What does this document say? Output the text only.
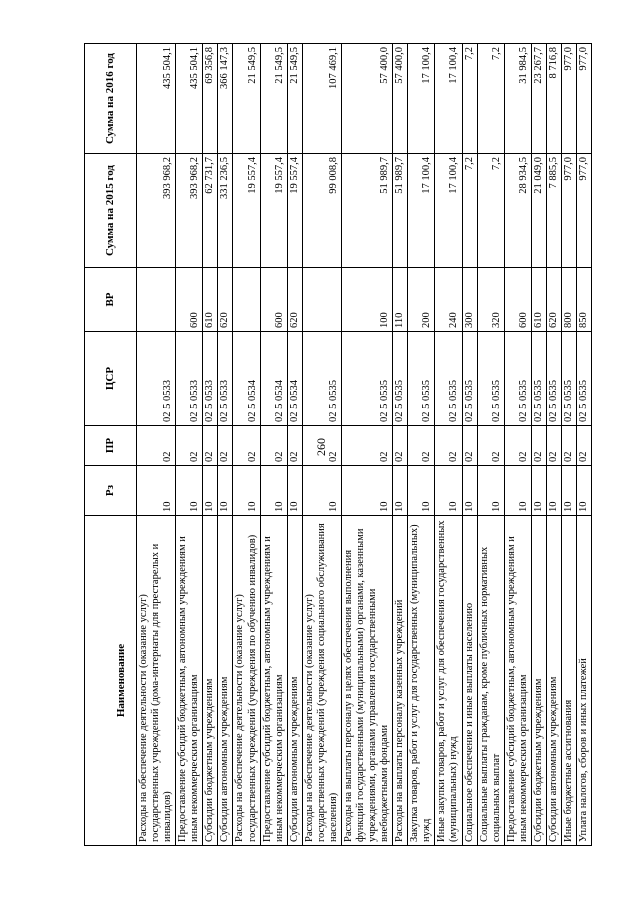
260
Наименование	Рз	ПР	ЦСР	ВР	Сумма на 2015 год	Сумма на 2016 год
Расходы на обеспечение деятельности (оказание услуг) государственных учреждений (дома-интернаты для престарелых и инвалидов)	10	02	02 5 0533		393 968,2	435 504,1
Предоставление субсидий бюджетным, автономным учреждениям и иным некоммерческим организациям	10	02	02 5 0533	600	393 968,2	435 504,1
Субсидии бюджетным учреждениям	10	02	02 5 0533	610	62 731,7	69 356,8
Субсидии автономным учреждениям	10	02	02 5 0533	620	331 236,5	366 147,3
Расходы на обеспечение деятельности (оказание услуг) государственных учреждений (учреждения по обучению инвалидов)	10	02	02 5 0534		19 557,4	21 549,5
Предоставление субсидий бюджетным, автономным учреждениям и иным некоммерческим организациям	10	02	02 5 0534	600	19 557,4	21 549,5
Субсидии автономным учреждениям	10	02	02 5 0534	620	19 557,4	21 549,5
Расходы на обеспечение деятельности (оказание услуг) государственных учреждений (учреждения социального обслуживания населения)	10	02	02 5 0535		99 008,8	107 469,1
Расходы на выплаты персоналу в целях обеспечения выполнения функций государственными (муниципальными) органами, казенными учреждениями, органами управления государственными внебюджетными фондами	10	02	02 5 0535	100	51 989,7	57 400,0
Расходы на выплаты персоналу казенных учреждений	10	02	02 5 0535	110	51 989,7	57 400,0
Закупка товаров, работ и услуг для государственных (муниципальных) нужд	10	02	02 5 0535	200	17 100,4	17 100,4
Иные закупки товаров, работ и услуг для обеспечения государственных (муниципальных) нужд	10	02	02 5 0535	240	17 100,4	17 100,4
Социальное обеспечение и иные выплаты населению	10	02	02 5 0535	300	7,2	7,2
Социальные выплаты гражданам, кроме публичных нормативных социальных выплат	10	02	02 5 0535	320	7,2	7,2
Предоставление субсидий бюджетным, автономным учреждениям и иным некоммерческим организациям	10	02	02 5 0535	600	28 934,5	31 984,5
Субсидии бюджетным учреждениям	10	02	02 5 0535	610	21 049,0	23 267,7
Субсидии автономным учреждениям	10	02	02 5 0535	620	7 885,5	8 716,8
Иные бюджетные ассигнования	10	02	02 5 0535	800	977,0	977,0
Уплата налогов, сборов и иных платежей	10	02	02 5 0535	850	977,0	977,0
